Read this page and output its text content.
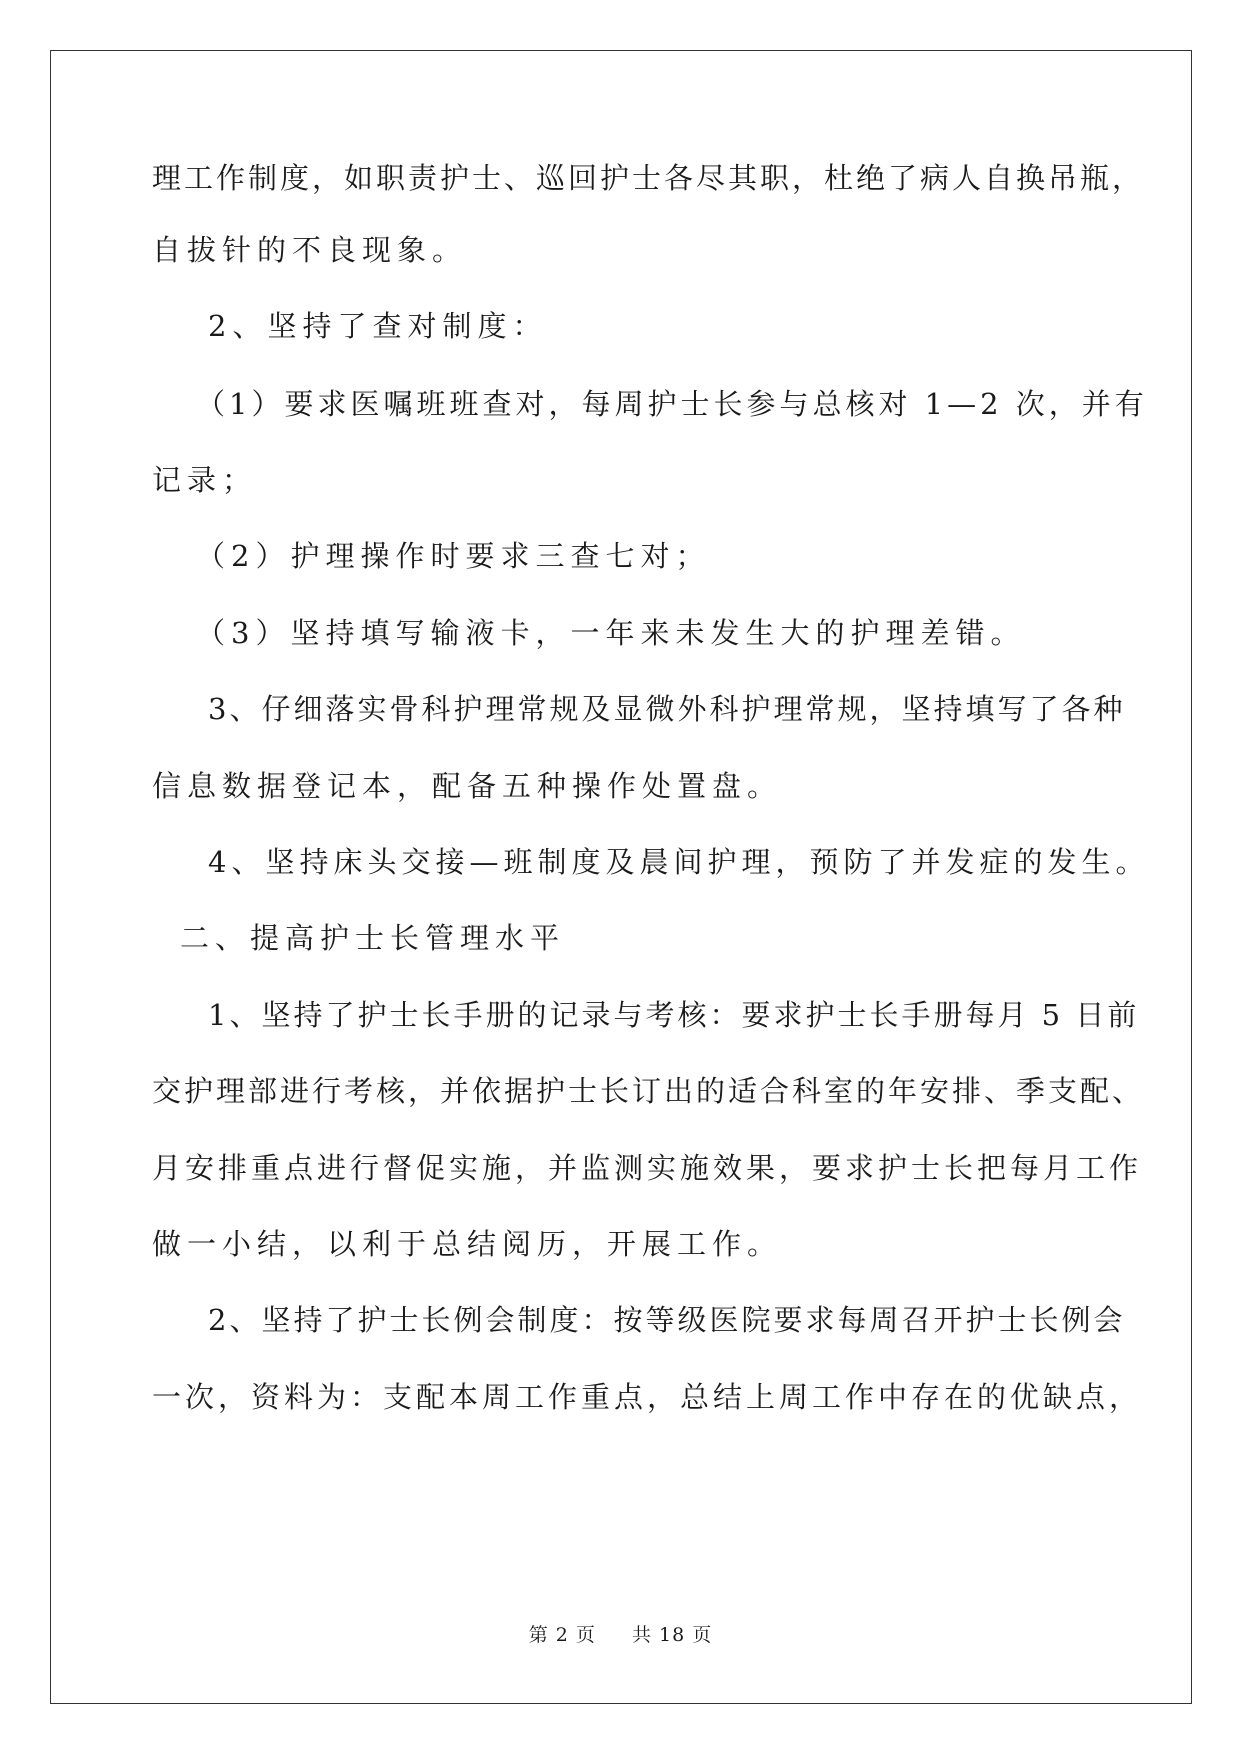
理工作制度，如职责护士、巡回护士各尽其职，杜绝了病人自换吊瓶，
自拔针的不良现象。
2、坚持了查对制度：
（1）要求医嘱班班查对，每周护士长参与总核对 1—2 次，并有
记录；
（2）护理操作时要求三查七对；
（3）坚持填写输液卡，一年来未发生大的护理差错。
3、仔细落实骨科护理常规及显微外科护理常规，坚持填写了各种
信息数据登记本，配备五种操作处置盘。
4、坚持床头交接—班制度及晨间护理，预防了并发症的发生。
二、提高护士长管理水平
1、坚持了护士长手册的记录与考核：要求护士长手册每月 5 日前
交护理部进行考核，并依据护士长订出的适合科室的年安排、季支配、
月安排重点进行督促实施，并监测实施效果，要求护士长把每月工作
做一小结，以利于总结阅历，开展工作。
2、坚持了护士长例会制度：按等级医院要求每周召开护士长例会
一次，资料为：支配本周工作重点，总结上周工作中存在的优缺点，
第 2 页 共 18 页
